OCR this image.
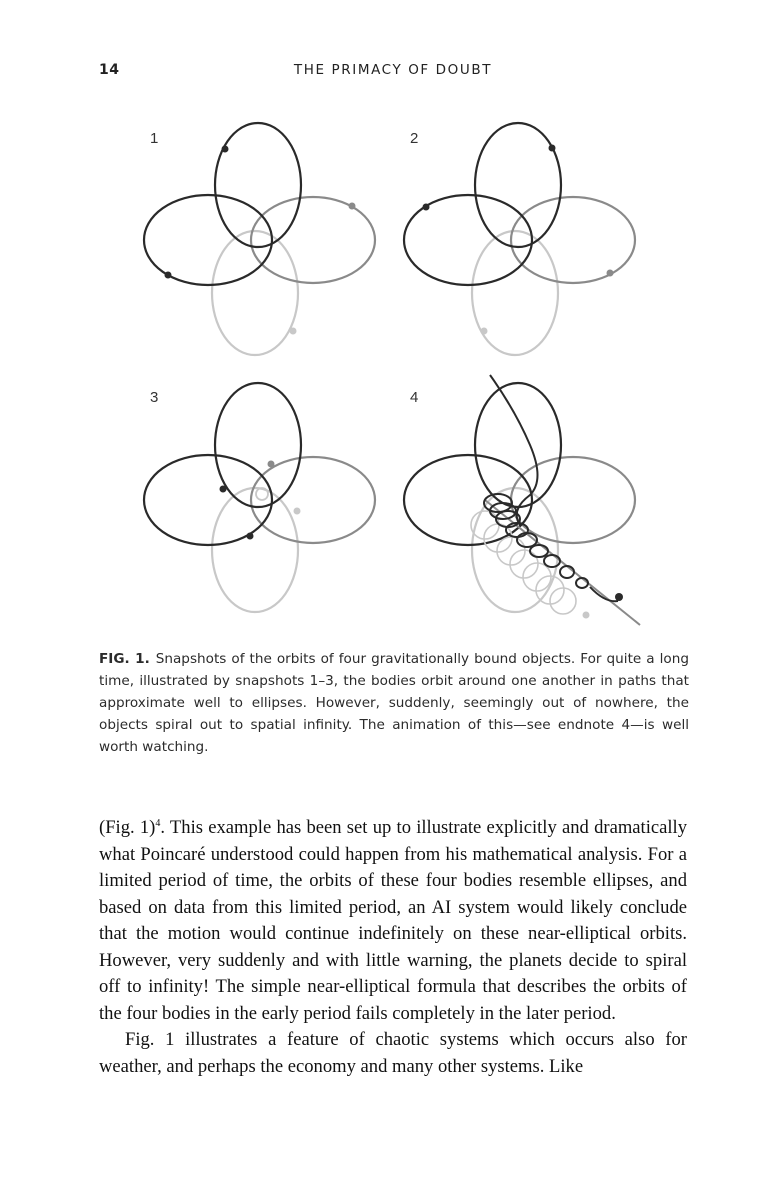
14	THE PRIMACY OF DOUBT
1	2
3	4
FIG. 1. Snapshots of the orbits of four gravitationally bound objects. For quite a long time, illustrated by snapshots 1–3, the bodies orbit around one another in paths that approximate well to ellipses. However, suddenly, seemingly out of nowhere, the objects spiral out to spatial infinity. The animation of this—see endnote 4—is well worth watching.

(Fig. 1)$^4$. This example has been set up to illustrate explicitly and dramatically what Poincaré understood could happen from his mathematical analysis. For a limited period of time, the orbits of these four bodies resemble ellipses, and based on data from this limited period, an AI system would likely conclude that the motion would continue indefinitely on these near-elliptical orbits. However, very suddenly and with little warning, the planets decide to spiral off to infinity! The simple near-elliptical formula that describes the orbits of the four bodies in the early period fails completely in the later period.

Fig. 1 illustrates a feature of chaotic systems which occurs also for weather, and perhaps the economy and many other systems. Like
